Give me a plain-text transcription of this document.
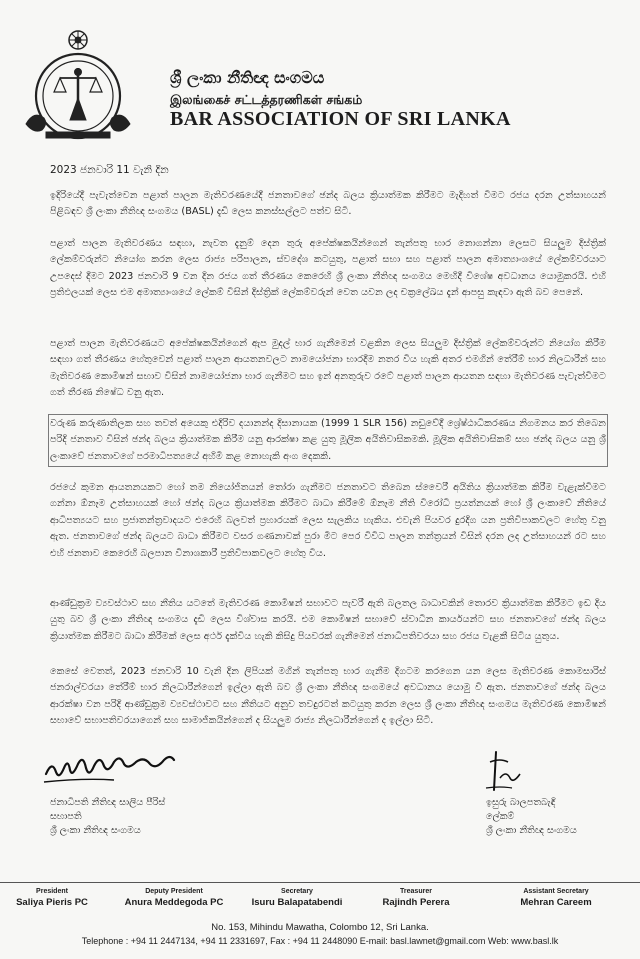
ශ්‍රී ලංකා නීතිඥ සංගමය
இலங்கைச் சட்டத்தரணிகள் சங்கம்
BAR ASSOCIATION OF SRI LANKA
2023 ජනවාරි 11 වැනි දින

ඉදිරියේදී පැවැත්වෙන පළාත් පාලන මැතිවරණයේදී ජනතාවගේ ඡන්ද බලය ක්‍රියාත්මක කිරීමට මැදිහත් වීමට රජය දරන උත්සාහයන් පිළිබඳව ශ්‍රී ලංකා නීතිඥ සංගමය (BASL) දැඩි ලෙස කනස්සල්ලට පත්ව සිටී.

පළාත් පාලන මැතිවරණය සඳහා, නැවත දැනුම් දෙන තුරු අපේක්ෂකයින්ගෙන් තැන්පතු භාර නොගන්නා ලෙසට සියලුම දිස්ත්‍රික් ලේකම්වරුන්ට නියෝග කරන ලෙස රාජ්‍ය පරිපාලන, ස්වදේශ කටයුතු, පළාත් සභා සහ පළාත් පාලන අමාත්‍යාංශයේ ලේකම්වරයාට උපදෙස් දීමට 2023 ජනවාරි 9 වන දින රජය ගත් තීරණය කෙරෙහි ශ්‍රී ලංකා නීතිඥ සංගමය මෙහිදී විශේෂ අවධානය යොමුකරයි. එහි ප්‍රතිඵලයක් ලෙස එම අමාත්‍යාංශයේ ලේකම් විසින් දිස්ත්‍රික් ලේකම්වරුන් වෙත යවන ලද චක්‍රලේඛය දැන් ආපසු කැඳවා ඇති බව පෙනේ.

පළාත් පාලන මැතිවරණයට අපේක්ෂකයින්ගෙන් ඇප මුදල් භාර ගැනීමෙන් වළකින ලෙස සියලුම දිස්ත්‍රික් ලේකම්වරුන්ට නියෝග කිරීම සඳහා ගත් තීරණය හේතුවෙන් පළාත් පාලන ආයතනවලට නාමයෝජනා භාරදීම නතර වීය හැකි අතර එමගින් තේරීම් භාර නිලධාරීන් සහ මැතිවරණ කොමිෂන් සභාව විසින් නාමයෝජනා භාර ගැනීමට සහ ඉන් අනතුරුව රටේ පළාත් පාලන ආයතන සඳහා මැතිවරණ පැවැත්වීමට ගත් තීරණ නිෂේධ වනු ඇත.

වරුණ කරුණාතිලක සහ තවත් අයෙකු එදිරිව දයානන්ද දිසානායක (1999 1 SLR 156) නඩුවේදී ශ්‍රේෂ්ඨාධිකරණය නිගමනය කර තිබෙන පරිදි ජනතාව විසින් ඡන්ද බලය ක්‍රියාත්මක කිරීම යනු ආරක්ෂා කළ යුතු මූලික අයිතිවාසිකමකි. මූලික අයිතිවාසිකම් සහ ඡන්ද බලය යනු ශ්‍රී ලංකාවේ ජනතාවගේ පරමාධිපත්‍යයේ අහිමි කළ නොහැකි අංග දෙකකි.

රජයේ කුමන ආයතනයකට හෝ තම නියෝජිතයන් තෝරා ගැනීමට ජනතාවට තිබෙන ස්වෛරී අයිතිය ක්‍රියාත්මක කිරීම වැළැක්වීමට ගන්නා ඕනෑම උත්සාහයක් හෝ ඡන්ද බලය ක්‍රියාත්මක කිරීමට බාධා කිරීමේ ඕනෑම නීති විරෝධී ප්‍රයත්නයක් හෝ ශ්‍රී ලංකාවේ නීතියේ ආධිපත්‍යයට සහ ප්‍රජාතන්ත්‍රවාදයට එරෙහි බලවත් ප්‍රහාරයක් ලෙස සැලකිය හැකිය. එවැනි පියවර දුරදිග යන ප්‍රතිවිපාකවලට හේතු වනු ඇත. ජනතාවගේ ඡන්ද බලයට බාධා කිරීමට වසර ගණනාවක් පුරා මීට පෙර විවිධ පාලන තන්ත්‍රයන් විසින් දරන ලද උත්සාහයන් රට සහ එහි ජනතාව කෙරෙහි බලපාන විනාශකාරී ප්‍රතිවිපාකවලට හේතු විය.

ආණ්ඩුක්‍රම ව්‍යවස්ථාව සහ නීතිය යටතේ මැතිවරණ කොමිෂන් සභාවට පැවරී ඇති බලතල බාධාවකින් තොරව ක්‍රියාත්මක කිරීමට ඉඩ දිය යුතු බව ශ්‍රී ලංකා නීතිඥ සංගමය දැඩි ලෙස විශ්වාස කරයි. එම කොමිෂන් සභාවේ ස්වාධීන කාර්යයන්ට සහ ජනතාවගේ ඡන්ද බලය ක්‍රියාත්මක කිරීමට බාධා කිරීමක් ලෙස අර්ථ දැක්විය හැකි කිසිදු පියවරක් ගැනීමෙන් ජනාධිපතිවරයා සහ රජය වැළකී සිටිය යුතුය.

කෙසේ වෙතත්, 2023 ජනවාරි 10 වැනි දින ලිපියක් මගින් තැන්පතු භාර ගැනීම දිගටම කරගෙන යන ලෙස මැතිවරණ කොමසාරිස් ජනරාල්වරයා තේරීම් භාර නිලධාරීන්ගෙන් ඉල්ලා ඇති බව ශ්‍රී ලංකා නීතිඥ සංගමයේ අවධානය යොමු වී ඇත. ජනතාවගේ ඡන්ද බලය ආරක්ෂා වන පරිදි ආණ්ඩුක්‍රම ව්‍යවස්ථාවට සහ නීතියට අනුව තවදුරටත් කටයුතු කරන ලෙස ශ්‍රී ලංකා නීතිඥ සංගමය මැතිවරණ කොමිෂන් සභාවේ සභාපතිවරයාගෙන් සහ සාමාජිකයින්ගෙන් ද සියලුම රාජ්‍ය නිලධාරීන්ගෙන් ද ඉල්ලා සිටී.

ජනාධිපති නීතිඥ සාලිය පීරිස්
සභාපති
ශ්‍රී ලංකා නීතිඥ සංගමය
ඉසුරු බාලපතබැඳි
ලේකම්
ශ්‍රී ලංකා නීතිඥ සංගමය
President
Saliya Pieris PC
Deputy President
Anura Meddegoda PC
Secretary
Isuru Balapatabendi
Treasurer
Rajindh Perera
Assistant Secretary
Mehran Careem
No. 153, Mihindu Mawatha, Colombo 12, Sri Lanka.
Telephone : +94 11 2447134, +94 11 2331697, Fax : +94 11 2448090 E-mail: basl.lawnet@gmail.com Web: www.basl.lk
